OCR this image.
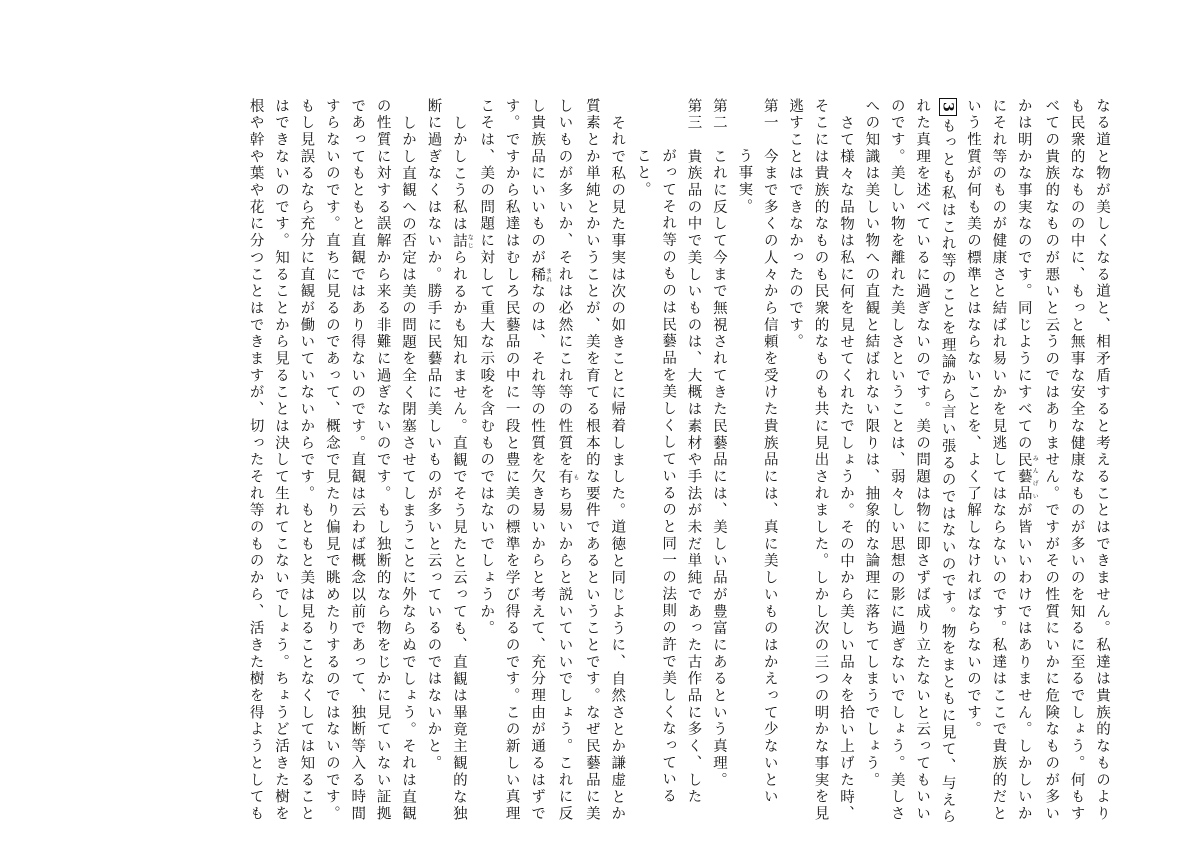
なる道と物が美しくなる道と、相矛盾すると考えることはできません。私達は貴族的なものより
も民衆的なものの中に、もっと無事な安全な健康なものが多いのを知るに至るでしょう。何もす
べての貴族的なものが悪いと云うのではありません。ですがその性質にいかに危険なものが多い
かは明かな事実なのです。同じようにすべての民藝品 みんげいが皆いいわけではありません。しかしいか
にそれ等のものが健康さと結ばれ易いかを見逃してはならないのです。私達はここで貴族的だと
いう性質が何も美の標準とはならないことを、よく了解しなければならないのです。
3もっとも私はこれ等のことを理論から言い張るのではないのです。物をまともに見て、与えら
れた真理を述べているに過ぎないのです。美の問題は物に即さずば成り立たないと云ってもいい
のです。美しい物を離れた美しさということは、弱々しい思想の影に過ぎないでしょう。美しさ
への知識は美しい物への直観と結ばれない限りは、抽象的な論理に落ちてしまうでしょう。
さて様々な品物は私に何を見せてくれたでしょうか。その中から美しい品々を拾い上げた時、
そこには貴族的なものも民衆的なものも共に見出されました。しかし次の三つの明かな事実を見
逃すことはできなかったのです。
第一　今まで多くの人々から信頼を受けた貴族品には、真に美しいものはかえって少ないとい
う事実。
第二　これに反して今まで無視されてきた民藝品には、美しい品が豊富にあるという真理。
第三　貴族品の中で美しいものは、大概は素材や手法が未だ単純であった古作品に多く、した
がってそれ等のものは民藝品を美しくしているのと同一の法則の許で美しくなっている
こと。
それで私の見た事実は次の如きことに帰着しました。道徳と同じように、自然さとか謙虚とか
質素とか単純とかいうことが、美を育てる根本的な要件であるということです。なぜ民藝品に美
しいものが多いか、それは必然にこれ等の性質を有 もち易いからと説いていいでしょう。これに反
し貴族品にいいものが稀 まれなのは、それ等の性質を欠き易いからと考えて、充分理由が通るはずで
す。ですから私達はむしろ民藝品の中に一段と豊に美の標準を学び得るのです。この新しい真理
こそは、美の問題に対して重大な示唆を含むものではないでしょうか。
しかしこう私は詰 なじられるかも知れません。直観でそう見たと云っても、直観は畢竟主観的な独
断に過ぎなくはないか。勝手に民藝品に美しいものが多いと云っているのではないかと。
しかし直観への否定は美の問題を全く閉塞させてしまうことに外ならぬでしょう。それは直観
の性質に対する誤解から来る非難に過ぎないのです。もし独断的なら物をじかに見ていない証拠
であってもともと直観ではあり得ないのです。直観は云わば概念以前であって、独断等入る時間
すらないのです。直ちに見るのであって、概念で見たり偏見で眺めたりするのではないのです。
もし見誤るなら充分に直観が働いていないからです。もともと美は見ることなくしては知ること
はできないのです。知ることから見ることは決して生れてこないでしょう。ちょうど活きた樹を
根や幹や葉や花に分つことはできますが、切ったそれ等のものから、活きた樹を得ようとしても
